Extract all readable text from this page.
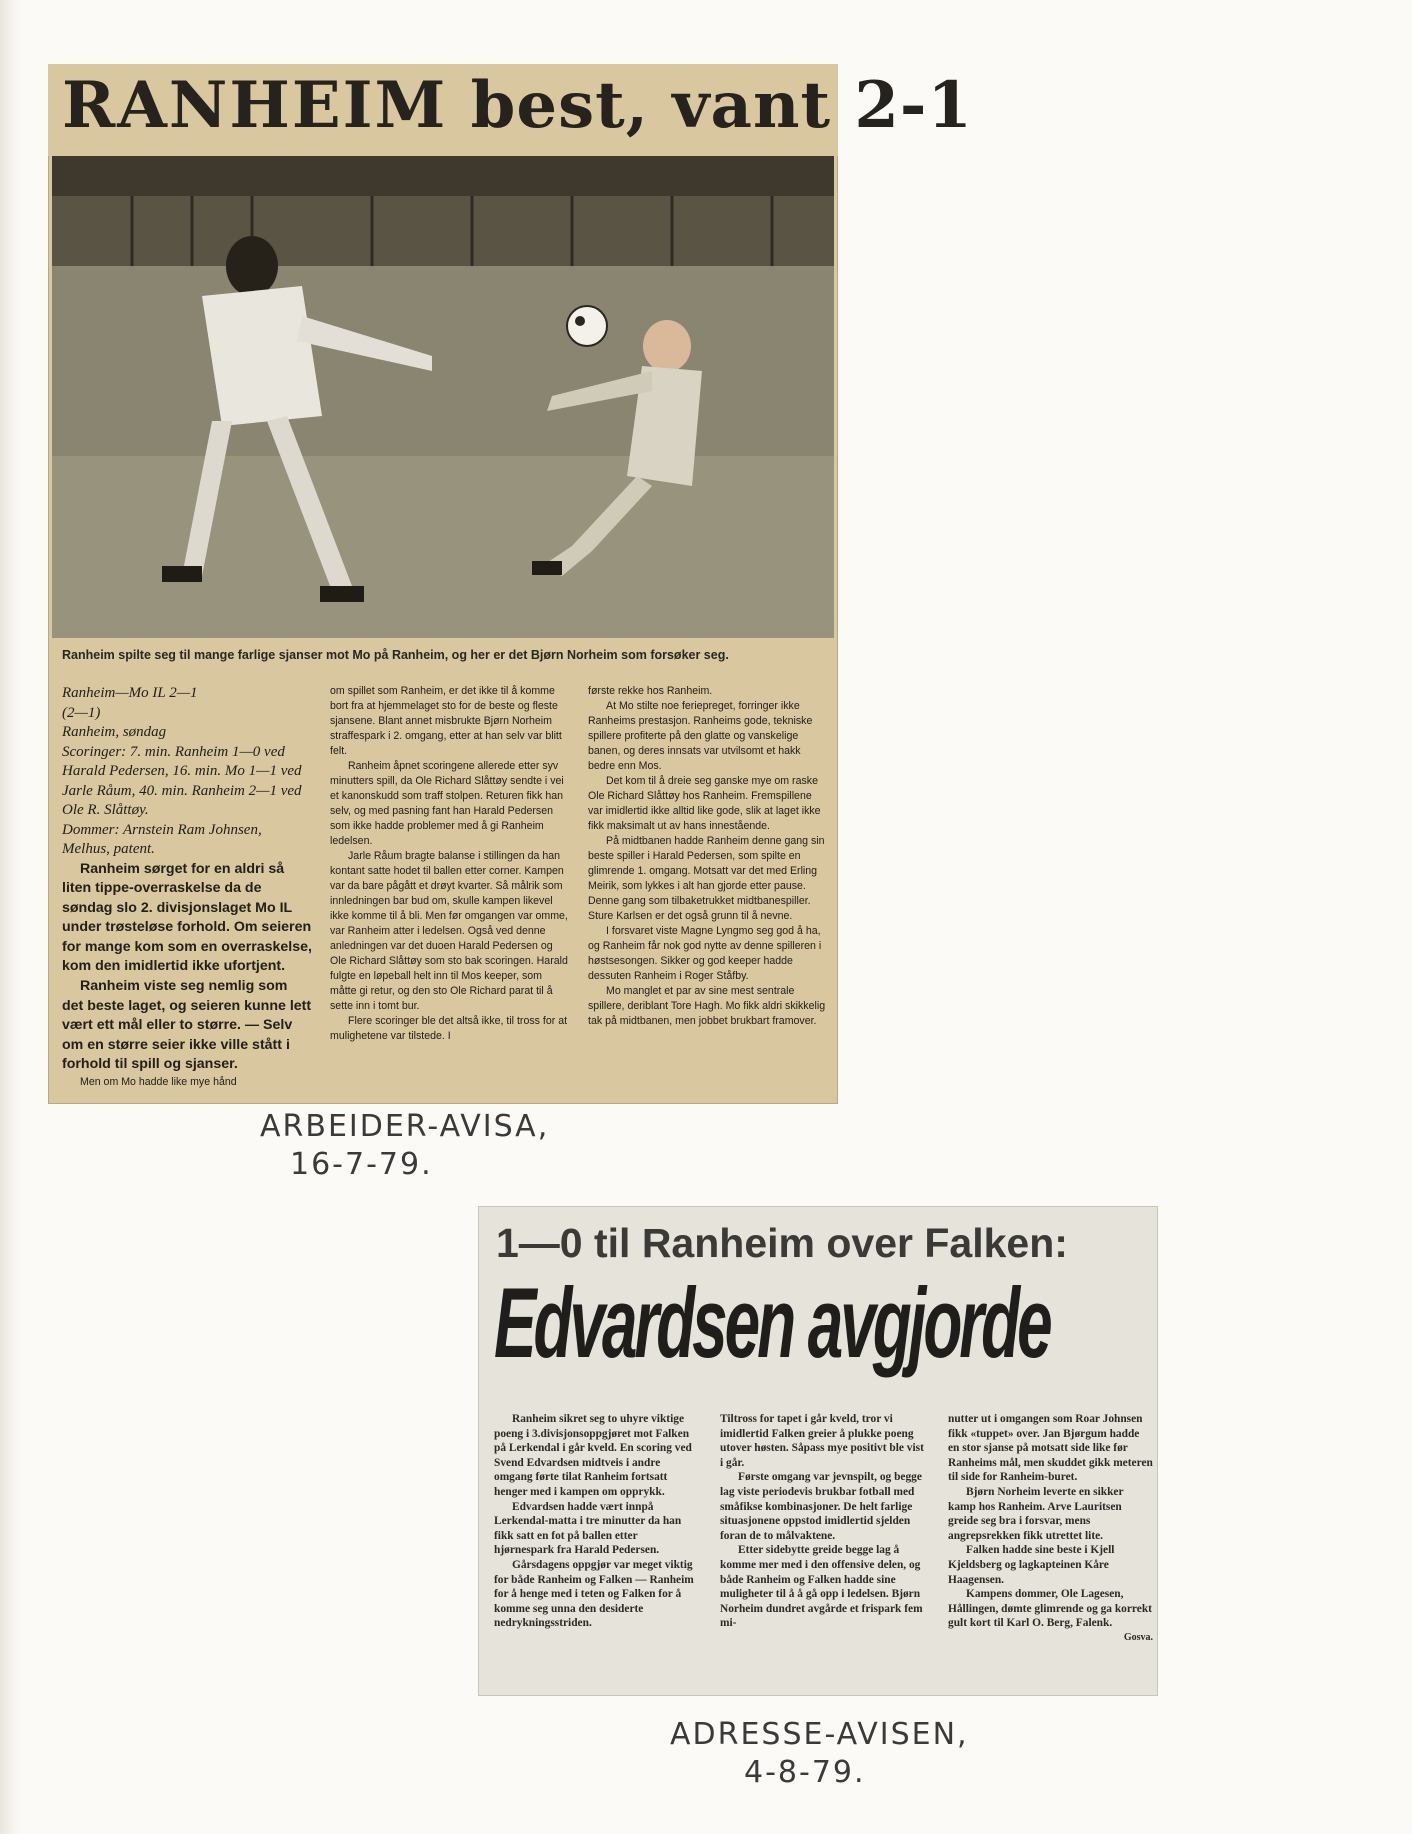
RANHEIM best, vant 2-1
Ranheim spilte seg til mange farlige sjanser mot Mo på Ranheim, og her er det Bjørn Norheim som forsøker seg.

Ranheim—Mo IL 2—1

(2—1)

Ranheim, søndag

Scoringer: 7. min. Ranheim 1—0 ved Harald Pedersen, 16. min. Mo 1—1 ved Jarle Råum, 40. min. Ranheim 2—1 ved Ole R. Slåttøy.

Dommer: Arnstein Ram Johnsen, Melhus, patent.

Ranheim sørget for en aldri så liten tippe-overraskelse da de søndag slo 2. divisjonslaget Mo IL under trøsteløse forhold. Om seieren for mange kom som en overraskelse, kom den imidlertid ikke ufortjent.

Ranheim viste seg nemlig som det beste laget, og seieren kunne lett vært ett mål eller to større. — Selv om en større seier ikke ville stått i forhold til spill og sjanser.

Men om Mo hadde like mye hånd

om spillet som Ranheim, er det ikke til å komme bort fra at hjemmelaget sto for de beste og fleste sjansene. Blant annet misbrukte Bjørn Norheim straffespark i 2. omgang, etter at han selv var blitt felt.

Ranheim åpnet scoringene allerede etter syv minutters spill, da Ole Richard Slåttøy sendte i vei et kanonskudd som traff stolpen. Returen fikk han selv, og med pasning fant han Harald Pedersen som ikke hadde problemer med å gi Ranheim ledelsen.

Jarle Råum bragte balanse i stillingen da han kontant satte hodet til ballen etter corner. Kampen var da bare pågått et drøyt kvarter. Så målrik som innledningen bar bud om, skulle kampen likevel ikke komme til å bli. Men før omgangen var omme, var Ranheim atter i ledelsen. Også ved denne anledningen var det duoen Harald Pedersen og Ole Richard Slåttøy som sto bak scoringen. Harald fulgte en løpeball helt inn til Mos keeper, som måtte gi retur, og den sto Ole Richard parat til å sette inn i tomt bur.

Flere scoringer ble det altså ikke, til tross for at mulighetene var tilstede. I

første rekke hos Ranheim.

At Mo stilte noe feriepreget, forringer ikke Ranheims prestasjon. Ranheims gode, tekniske spillere profiterte på den glatte og vanskelige banen, og deres innsats var utvilsomt et hakk bedre enn Mos.

Det kom til å dreie seg ganske mye om raske Ole Richard Slåttøy hos Ranheim. Fremspillene var imidlertid ikke alltid like gode, slik at laget ikke fikk maksimalt ut av hans innestående.

På midtbanen hadde Ranheim denne gang sin beste spiller i Harald Pedersen, som spilte en glimrende 1. omgang. Motsatt var det med Erling Meirik, som lykkes i alt han gjorde etter pause. Denne gang som tilbaketrukket midtbanespiller. Sture Karlsen er det også grunn til å nevne.

I forsvaret viste Magne Lyngmo seg god å ha, og Ranheim får nok god nytte av denne spilleren i høstsesongen. Sikker og god keeper hadde dessuten Ranheim i Roger Ståfby.

Mo manglet et par av sine mest sentrale spillere, deriblant Tore Hagh. Mo fikk aldri skikkelig tak på midtbanen, men jobbet brukbart framover.

ARBEIDER-AVISA,
16-7-79.
1—0 til Ranheim over Falken:
Edvardsen avgjorde

Ranheim sikret seg to uhyre viktige poeng i 3.divisjonsoppgjøret mot Falken på Lerkendal i går kveld. En scoring ved Svend Edvardsen midtveis i andre omgang førte tilat Ranheim fortsatt henger med i kampen om opprykk.

Edvardsen hadde vært innpå Lerkendal-matta i tre minutter da han fikk satt en fot på ballen etter hjørnespark fra Harald Pedersen.

Gårsdagens oppgjør var meget viktig for både Ranheim og Falken — Ranheim for å henge med i teten og Falken for å komme seg unna den desiderte nedrykningsstriden.

Tiltross for tapet i går kveld, tror vi imidlertid Falken greier å plukke poeng utover høsten. Såpass mye positivt ble vist i går.

Første omgang var jevnspilt, og begge lag viste periodevis brukbar fotball med småfikse kombinasjoner. De helt farlige situasjonene oppstod imidlertid sjelden foran de to målvaktene.

Etter sidebytte greide begge lag å komme mer med i den offensive delen, og både Ranheim og Falken hadde sine muligheter til å å gå opp i ledelsen. Bjørn Norheim dundret avgårde et frispark fem mi-

nutter ut i omgangen som Roar Johnsen fikk «tuppet» over. Jan Bjørgum hadde en stor sjanse på motsatt side like før Ranheims mål, men skuddet gikk meteren til side for Ranheim-buret.

Bjørn Norheim leverte en sikker kamp hos Ranheim. Arve Lauritsen greide seg bra i forsvar, mens angrepsrekken fikk utrettet lite.

Falken hadde sine beste i Kjell Kjeldsberg og lagkapteinen Kåre Haagensen.

Kampens dommer, Ole Lagesen, Hållingen, dømte glimrende og ga korrekt gult kort til Karl O. Berg, Falenk.

Gosva.

ADRESSE-AVISEN,
4-8-79.
